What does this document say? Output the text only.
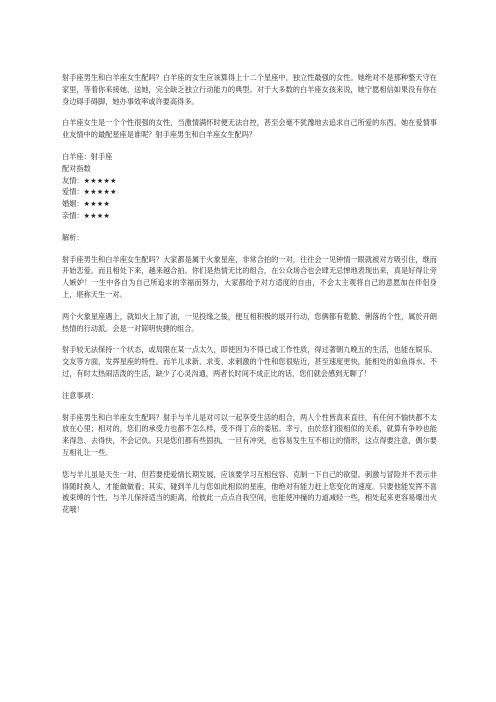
射手座男生和白羊座女生配吗？白羊座的女生应该算得上十二个星座中，独立性最强的女性。她绝对不是那种整天守在家里，等着你来接她、送她，完全缺乏独立行动能力的典型。对于大多数的白羊座女孩来说，她宁愿相信如果没有你在身边碍手碍脚，她办事效率或许要高得多。

白羊座女生是一个个性很强的女性，当激情满怀时便无法自控，甚至会毫不犹豫地去追求自己所爱的东西。她在爱情事业友情中的最配星座是谁呢？射手座男生和白羊座女生配吗？

白羊座：射手座
配对指数
友情：★★★★★
爱情：★★★★★
婚姻：★★★★
亲情：★★★★

解析：

射手座男生和白羊座女生配吗？大家都是属于火象星座，非常合拍的一对，往往会一见钟情一眼就被对方吸引住，继而开始恋爱。而且相处下来，越来越合拍。你们是热情无比的组合，在公众场合也会肆无忌惮地表现出来，真是好得让旁人嫉妒！一生中各自为自己所追求的幸福而努力，大家都给予对方适度的自由，不会太主观将自己的意愿加在伴侣身上，堪称天生一对。

两个火象星座遇上，就如火上加了油，一见投缘之後，便互相积极的展开行动，您俩都有乾脆、俐落的个性，属於开朗热情的行动派。会是一对简明快捷的组合。

射手较无法保持一个状态，或局限在某一点太久，即使因为不得已或工作性质，得过著朝九晚五的生活，也能在娱乐、交友等方面，发挥星座的特性。而羊儿求新、求变、求刺激的个性和您很贴近，甚至速度更快，能相处的如鱼得水。不过，有时太热闹活泼的生活，缺少了心灵沟通，两者长时间不成正比的话，您们就会感到无聊了！

注意事项：

射手座男生和白羊座女生配吗？射手与羊儿是对可以一起享受生活的组合，两人个性皆真来直往，有任何不愉快都不太放在心里；相对的，您们的承受力也都不怎么样，受不得丁点的委屈。幸亏，由於您们很相似的关系，就算有争吵也能来得急、去得快，不会记仇。只是您们都有些固执，一旦有冲突，也容易发生互不相让的情形，这点得要注意，偶尔要互相礼让一些。

您与羊儿虽是天生一对，但若要使爱情长期发展，应该要学习互相包容、克制一下自己的欲望。刺激与冒险并不表示非得随时换人，才能做做看；其实，碰到羊儿与您如此相似的星座，他绝对有能力赶上您变化的速度。只要他能发挥不喜被束缚的个性，与羊儿保持适当的距离，给彼此一点点自我空间，也能使冲撞的力道减轻一些，相处起来更容易爆出火花哦！
